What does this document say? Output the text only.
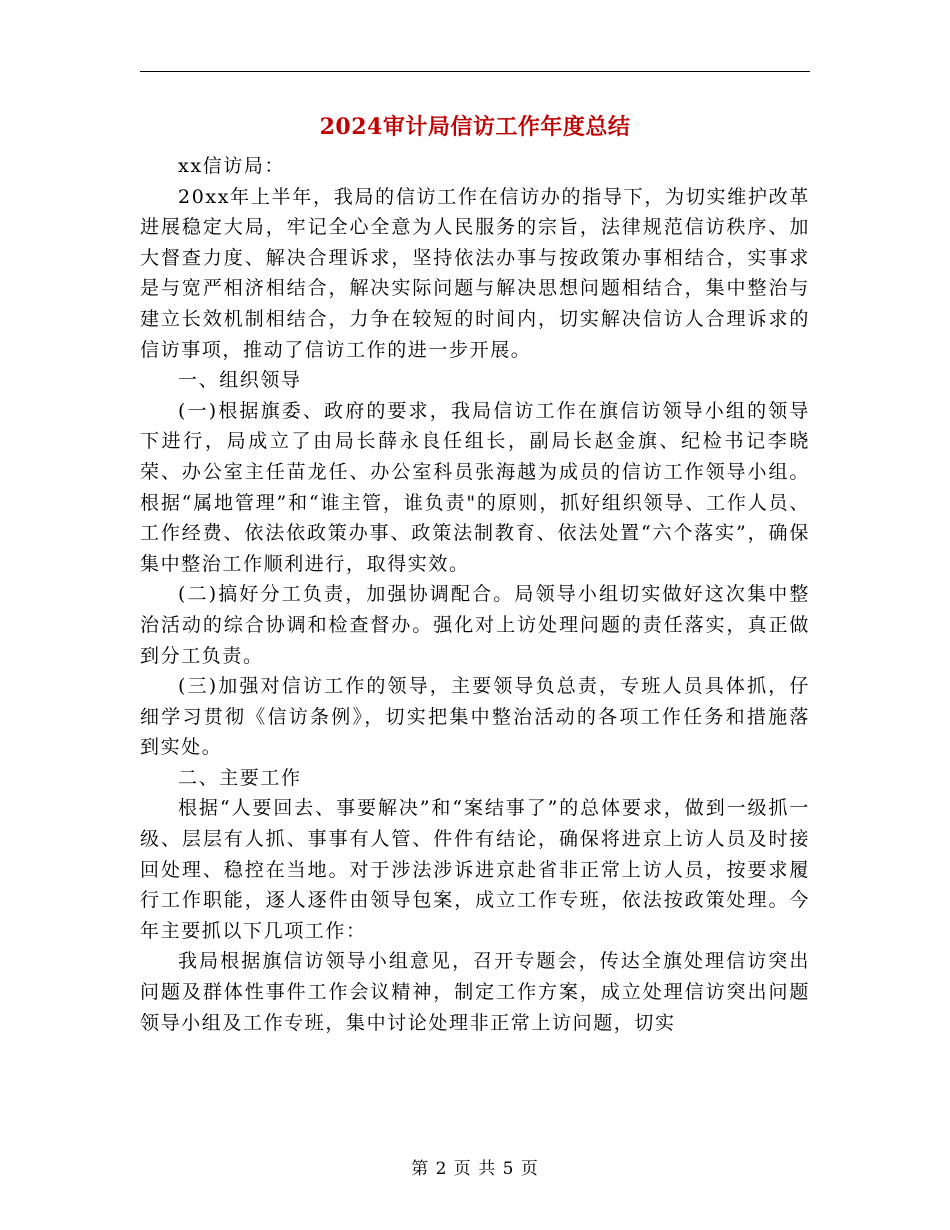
2024审计局信访工作年度总结

xx信访局：

20xx年上半年，我局的信访工作在信访办的指导下，为切实维护改革进展稳定大局，牢记全心全意为人民服务的宗旨，法律规范信访秩序、加大督查力度、解决合理诉求，坚持依法办事与按政策办事相结合，实事求是与宽严相济相结合，解决实际问题与解决思想问题相结合，集中整治与建立长效机制相结合，力争在较短的时间内，切实解决信访人合理诉求的信访事项，推动了信访工作的进一步开展。

一、组织领导

(一)根据旗委、政府的要求，我局信访工作在旗信访领导小组的领导下进行，局成立了由局长薛永良任组长，副局长赵金旗、纪检书记李晓荣、办公室主任苗龙任、办公室科员张海越为成员的信访工作领导小组。根据“属地管理”和“谁主管，谁负责"的原则，抓好组织领导、工作人员、工作经费、依法依政策办事、政策法制教育、依法处置“六个落实”，确保集中整治工作顺利进行，取得实效。

(二)搞好分工负责，加强协调配合。局领导小组切实做好这次集中整治活动的综合协调和检查督办。强化对上访处理问题的责任落实，真正做到分工负责。

(三)加强对信访工作的领导，主要领导负总责，专班人员具体抓，仔细学习贯彻《信访条例》，切实把集中整治活动的各项工作任务和措施落到实处。

二、主要工作

根据“人要回去、事要解决”和“案结事了”的总体要求，做到一级抓一级、层层有人抓、事事有人管、件件有结论，确保将进京上访人员及时接回处理、稳控在当地。对于涉法涉诉进京赴省非正常上访人员，按要求履行工作职能，逐人逐件由领导包案，成立工作专班，依法按政策处理。今年主要抓以下几项工作：

我局根据旗信访领导小组意见，召开专题会，传达全旗处理信访突出问题及群体性事件工作会议精神，制定工作方案，成立处理信访突出问题领导小组及工作专班，集中讨论处理非正常上访问题，切实

第 2 页 共 5 页
